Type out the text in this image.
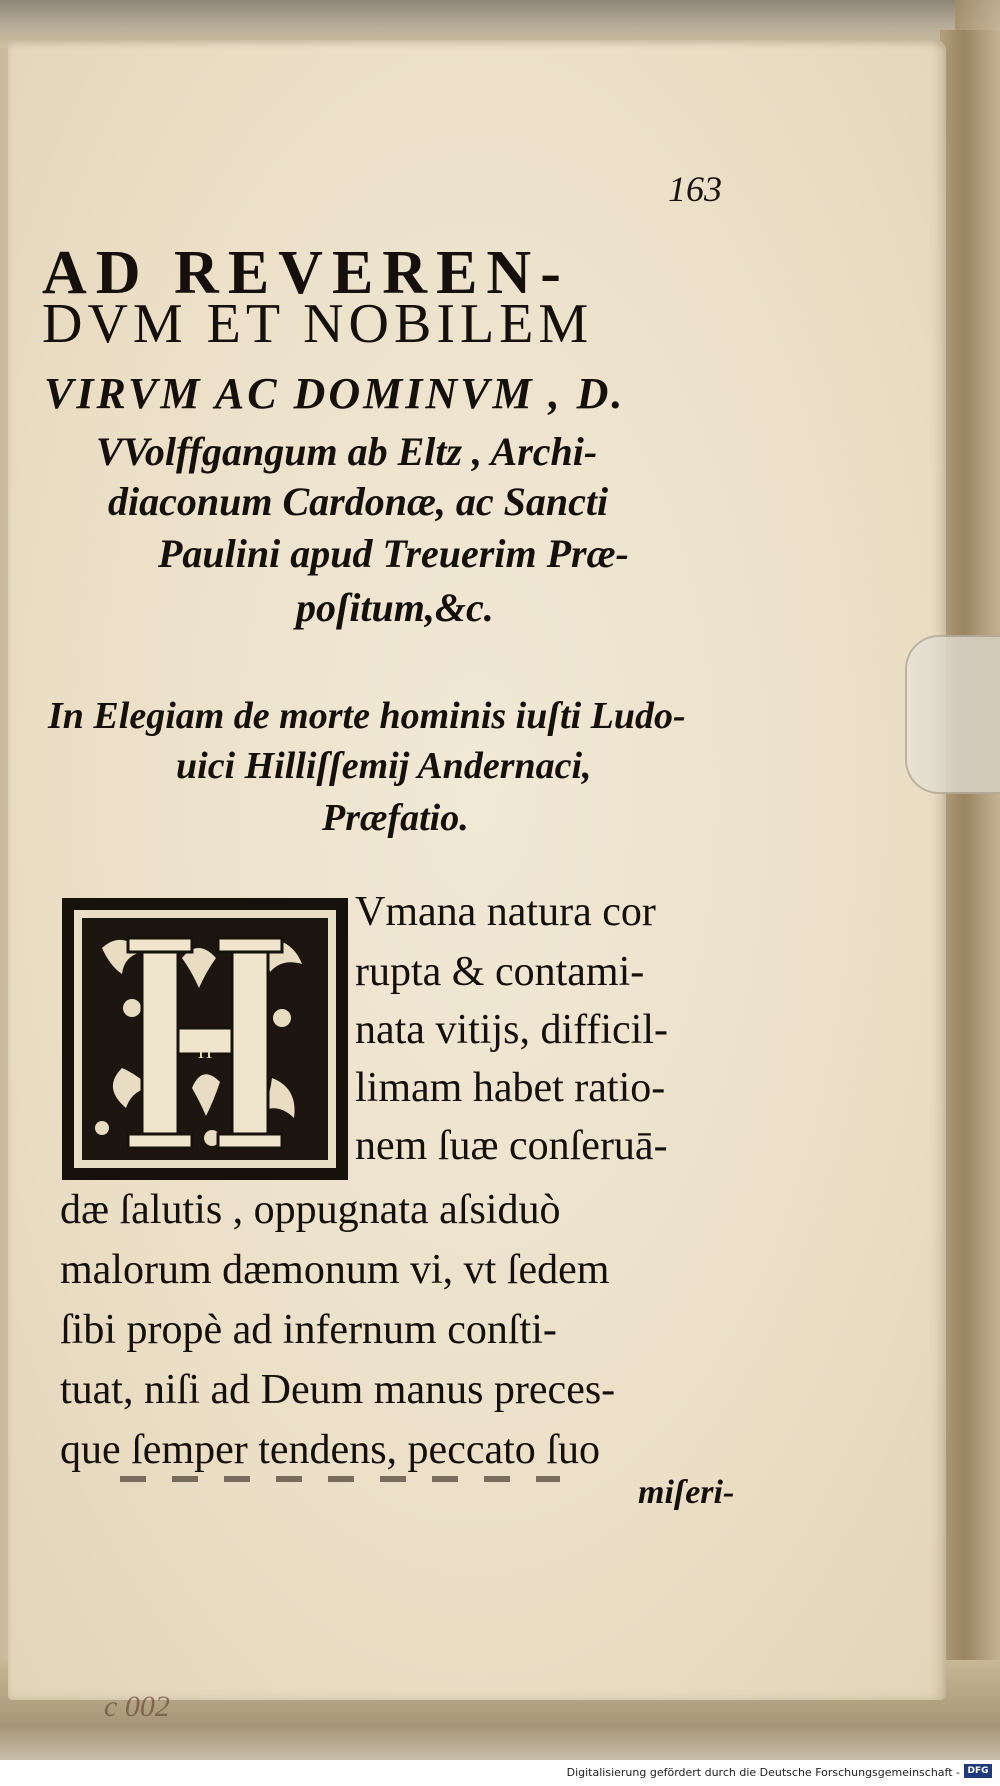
163
AD REVEREN-
DVM ET NOBILEM
VIRVM AC DOMINVM , D.
VVolffgangum ab Eltz , Archi-
diaconum Cardonæ, ac Sancti
Paulini apud Treuerim Præ-
poſitum,&c.
In Elegiam de morte hominis iuſti Ludo-
uici Hilliſſemij Andernaci,
Præfatio.
H
Vmana natura cor
rupta & contami-
nata vitijs, difficil-
limam habet ratio-
nem ſuæ conſeruā-
dæ ſalutis , oppugnata aſsiduò
malorum dæmonum vi, vt ſedem
ſibi propè ad infernum conſti-
tuat, niſi ad Deum manus preces-
que ſemper tendens, peccato ſuo
miſeri-
c 002
Digitalisierung gefördert durch die Deutsche Forschungsgemeinschaft - DFG
